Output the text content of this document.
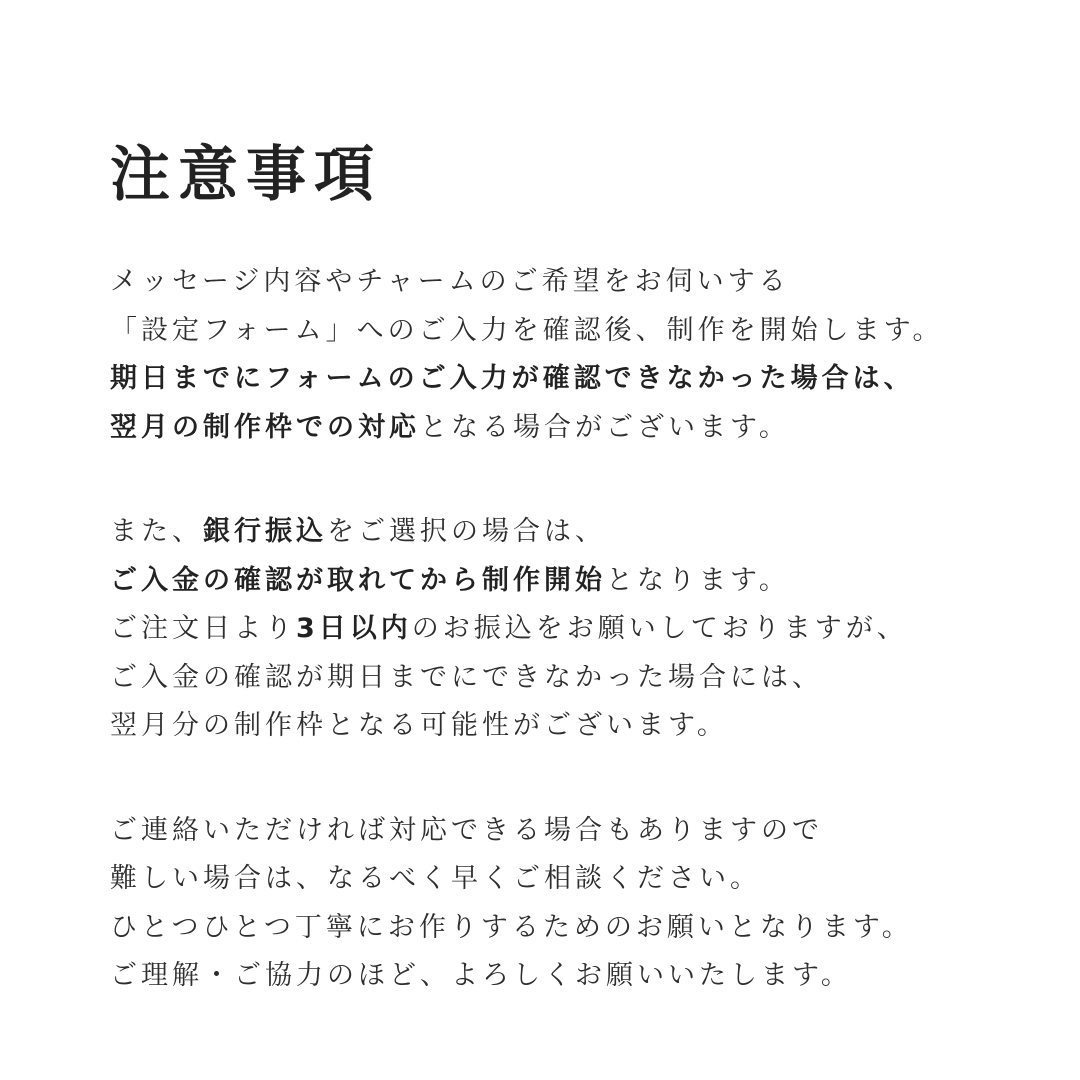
注意事項
メッセージ内容やチャームのご希望をお伺いする
「設定フォーム」へのご入力を確認後、制作を開始します。
期日までにフォームのご入力が確認できなかった場合は、
翌月の制作枠での対応となる場合がございます。
また、銀行振込をご選択の場合は、
ご入金の確認が取れてから制作開始となります。
ご注文日より3日以内のお振込をお願いしておりますが、
ご入金の確認が期日までにできなかった場合には、
翌月分の制作枠となる可能性がございます。
ご連絡いただければ対応できる場合もありますので
難しい場合は、なるべく早くご相談ください。
ひとつひとつ丁寧にお作りするためのお願いとなります。
ご理解・ご協力のほど、よろしくお願いいたします。
